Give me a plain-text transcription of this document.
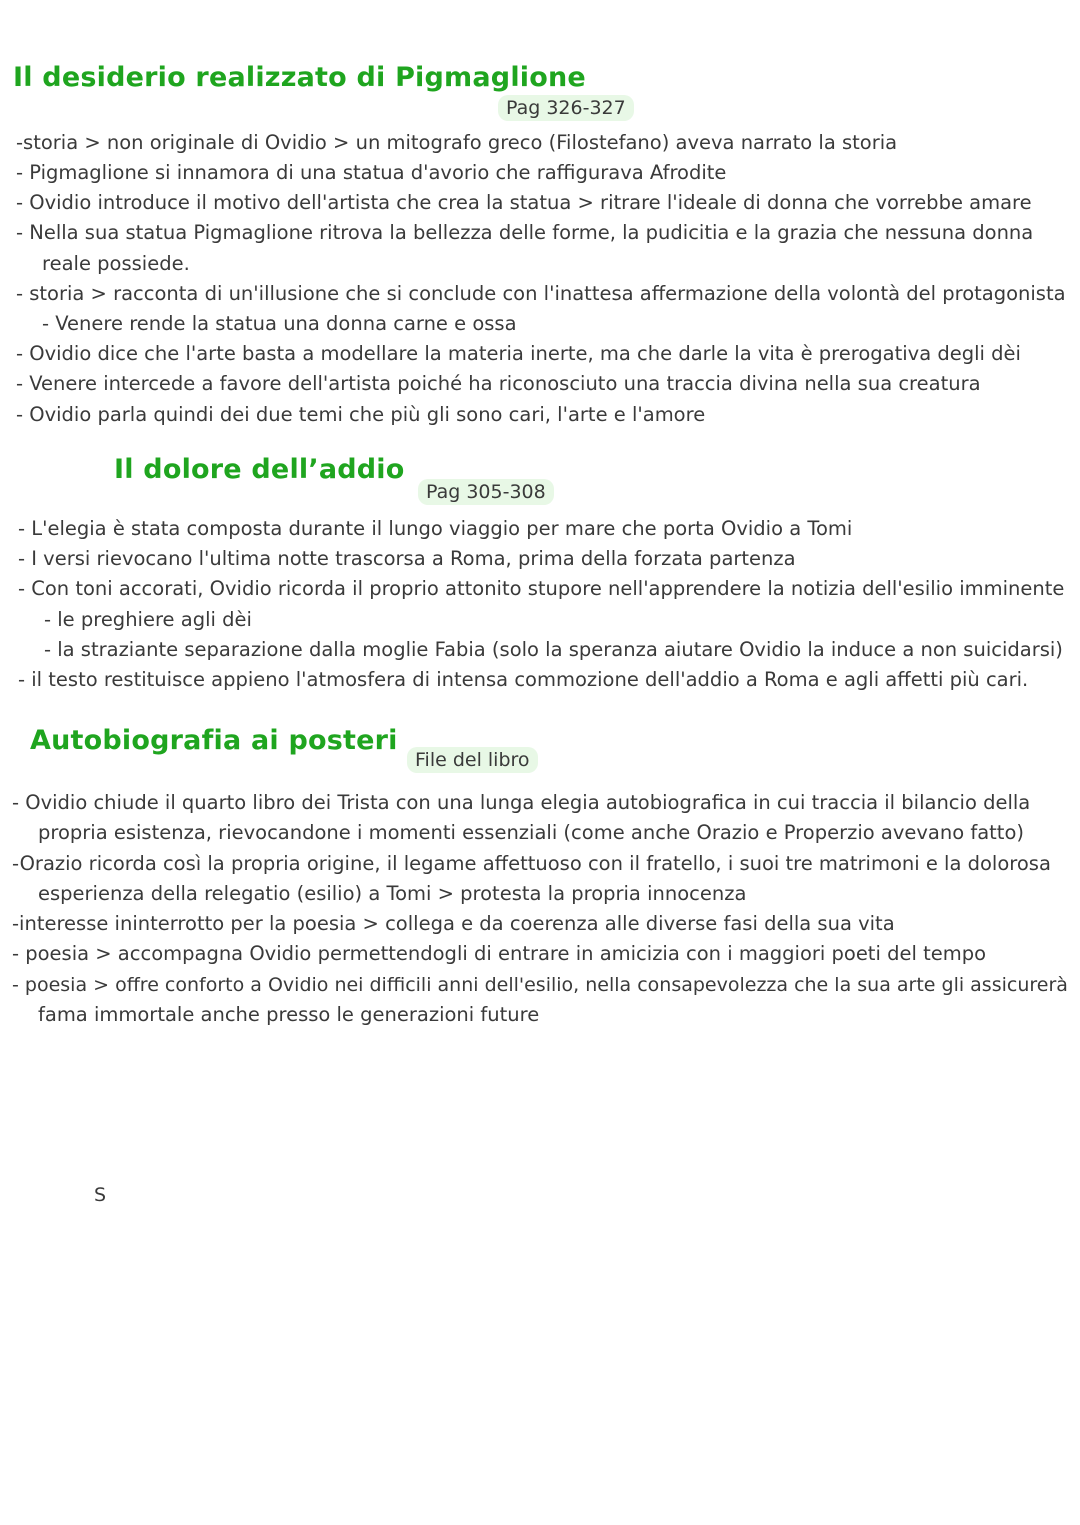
Il desiderio realizzato di Pigmaglione
Pag 326-327

-storia > non originale di Ovidio > un mitografo greco (Filostefano) aveva narrato la storia

- Pigmaglione si innamora di una statua d'avorio che raffigurava Afrodite

- Ovidio introduce il motivo dell'artista che crea la statua > ritrare l'ideale di donna che vorrebbe amare

- Nella sua statua Pigmaglione ritrova la bellezza delle forme, la pudicitia e la grazia che nessuna donna

reale possiede.

- storia > racconta di un'illusione che si conclude con l'inattesa affermazione della volontà del protagonista

- Venere rende la statua una donna carne e ossa

- Ovidio dice che l'arte basta a modellare la materia inerte, ma che darle la vita è prerogativa degli dèi

- Venere intercede a favore dell'artista poiché ha riconosciuto una traccia divina nella sua creatura

- Ovidio parla quindi dei due temi che più gli sono cari, l'arte e l'amore

Il dolore dell’addio
Pag 305-308

- L'elegia è stata composta durante il lungo viaggio per mare che porta Ovidio a Tomi

- I versi rievocano l'ultima notte trascorsa a Roma, prima della forzata partenza

- Con toni accorati, Ovidio ricorda il proprio attonito stupore nell'apprendere la notizia dell'esilio imminente

- le preghiere agli dèi

- la straziante separazione dalla moglie Fabia (solo la speranza aiutare Ovidio la induce a non suicidarsi)

- il testo restituisce appieno l'atmosfera di intensa commozione dell'addio a Roma e agli affetti più cari.

Autobiografia ai posteri
File del libro

- Ovidio chiude il quarto libro dei Trista con una lunga elegia autobiografica in cui traccia il bilancio della

propria esistenza, rievocandone i momenti essenziali (come anche Orazio e Properzio avevano fatto)

-Orazio ricorda così la propria origine, il legame affettuoso con il fratello, i suoi tre matrimoni e la dolorosa

esperienza della relegatio (esilio) a Tomi > protesta la propria innocenza

-interesse ininterrotto per la poesia > collega e da coerenza alle diverse fasi della sua vita

- poesia > accompagna Ovidio permettendogli di entrare in amicizia con i maggiori poeti del tempo

- poesia > offre conforto a Ovidio nei difficili anni dell'esilio, nella consapevolezza che la sua arte gli assicurerà

fama immortale anche presso le generazioni future

S
